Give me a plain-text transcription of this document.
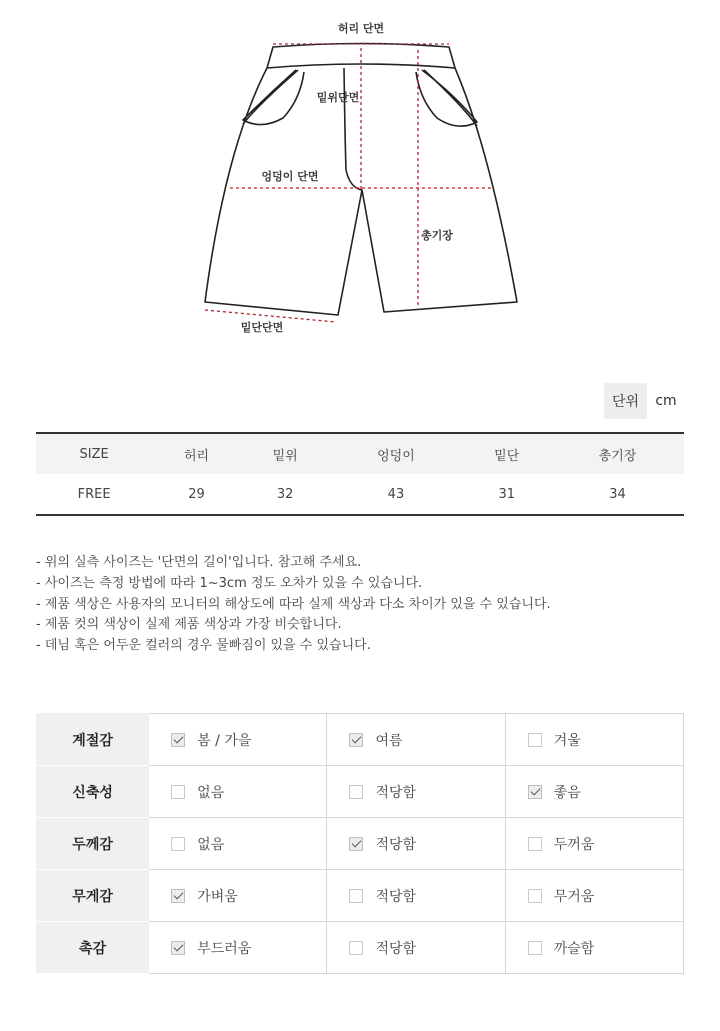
허리 단면
밑위단면
엉덩이 단면
총기장
밑단단면
단위	cm
SIZE	허리	밑위	엉덩이	밑단	총기장
FREE	29	32	43	31	34
- 위의 실측 사이즈는 '단면의 길이'입니다. 참고해 주세요.
- 사이즈는 측정 방법에 따라 1~3cm 정도 오차가 있을 수 있습니다.
- 제품 색상은 사용자의 모니터의 해상도에 따라 실제 색상과 다소 차이가 있을 수 있습니다.
- 제품 컷의 색상이 실제 제품 색상과 가장 비슷합니다.
- 데님 혹은 어두운 컬러의 경우 물빠짐이 있을 수 있습니다.
계절감	봄 / 가을	여름	겨울

신축성	없음	적당함	좋음

두께감	없음	적당함	두꺼움

무게감	가벼움	적당함	무거움

촉감	부드러움	적당함	까슬함
